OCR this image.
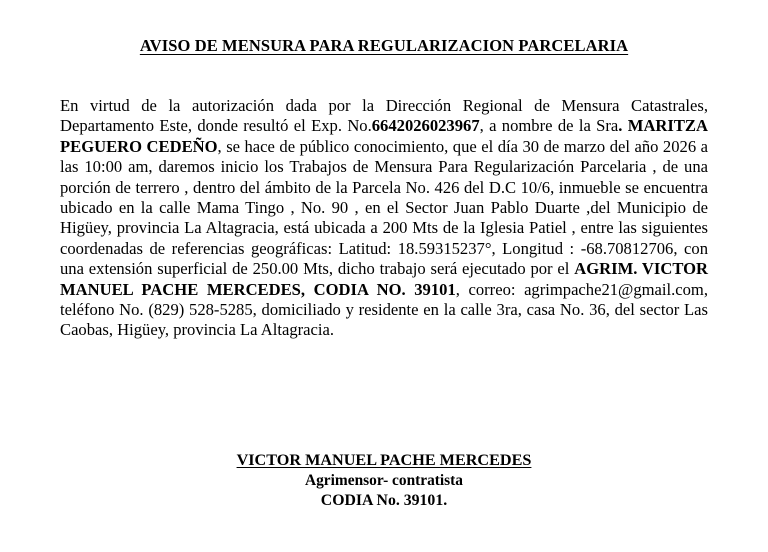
AVISO DE MENSURA PARA REGULARIZACION PARCELARIA
En virtud de la autorización dada por la Dirección Regional de Mensura Catastrales, Departamento Este, donde resultó el Exp. No.6642026023967, a nombre de la Sra. MARITZA PEGUERO CEDEÑO, se hace de público conocimiento, que el día 30 de marzo del año 2026 a las 10:00 am, daremos inicio los Trabajos de Mensura Para Regularización Parcelaria , de una porción de terrero , dentro del ámbito de la Parcela No. 426 del D.C 10/6, inmueble se encuentra ubicado en la calle Mama Tingo , No. 90 , en el Sector Juan Pablo Duarte ,del Municipio de Higüey, provincia La Altagracia, está ubicada a 200 Mts de la Iglesia Patiel , entre las siguientes coordenadas de referencias geográficas: Latitud: 18.59315237°, Longitud : -68.70812706, con una extensión superficial de 250.00 Mts, dicho trabajo será ejecutado por el AGRIM. VICTOR MANUEL PACHE MERCEDES, CODIA NO. 39101, correo: agrimpache21@gmail.com, teléfono No. (829) 528-5285, domiciliado y residente en la calle 3ra, casa No. 36, del sector Las Caobas, Higüey, provincia La Altagracia.
VICTOR MANUEL PACHE MERCEDES
Agrimensor- contratista
CODIA No. 39101.
